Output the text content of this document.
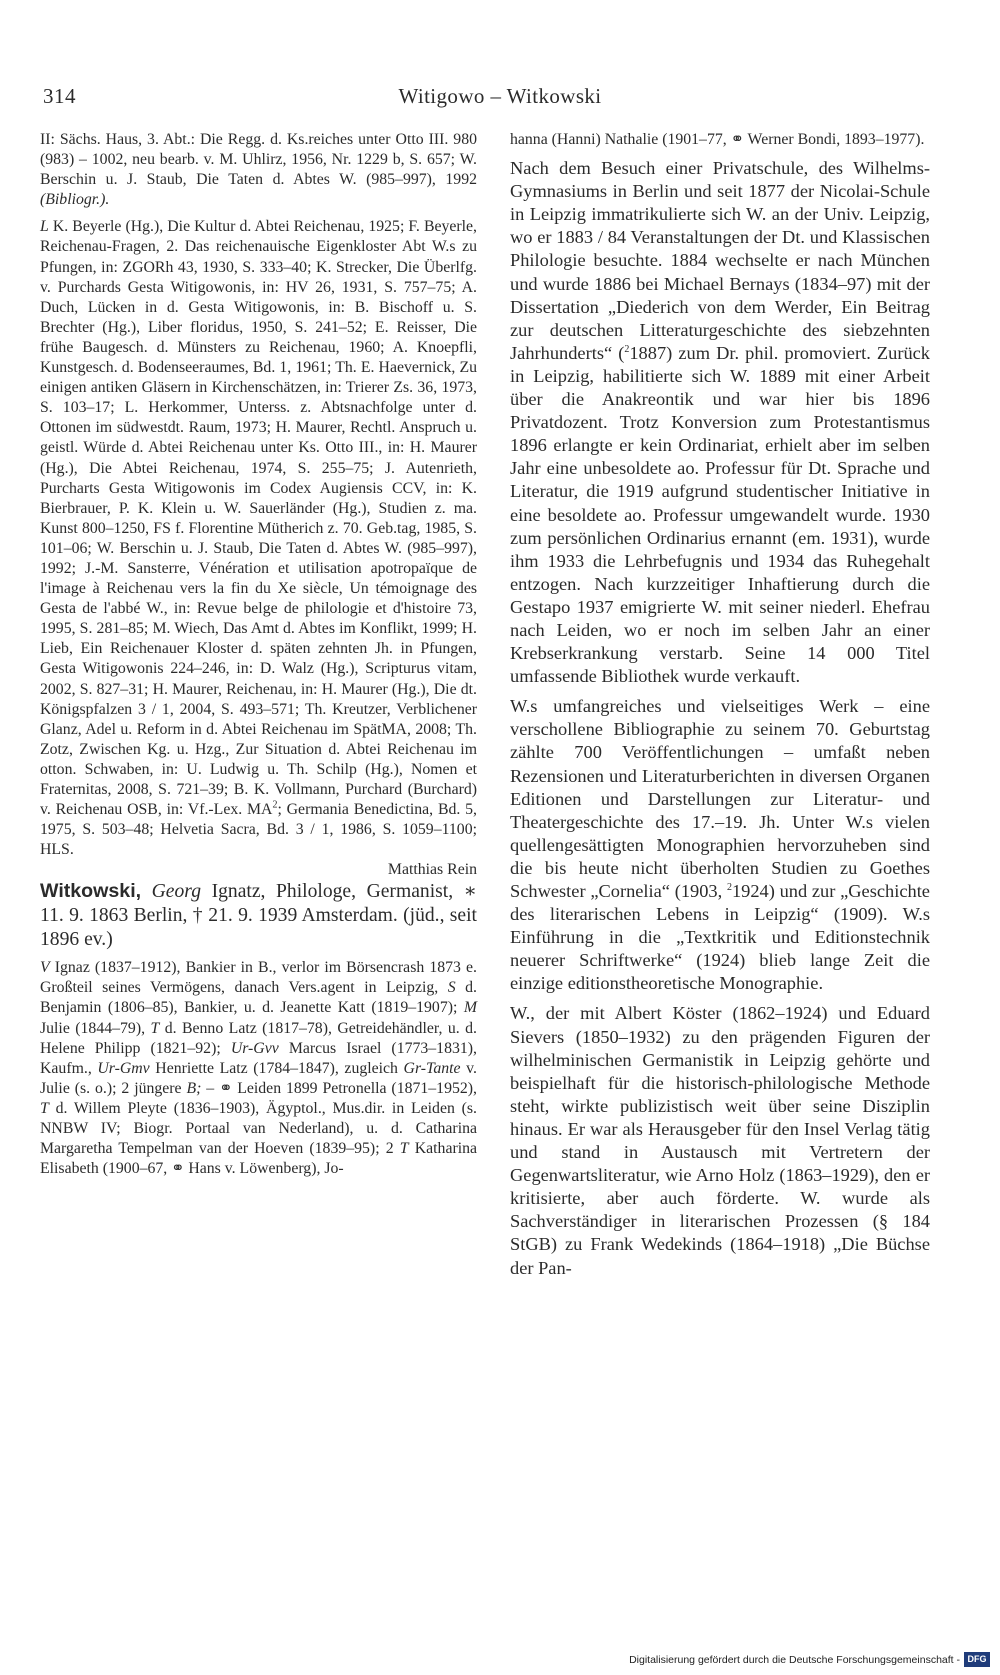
314	Witigowo – Witkowski

II: Sächs. Haus, 3. Abt.: Die Regg. d. Ks.reiches unter Otto III. 980 (983) – 1002, neu bearb. v. M. Uhlirz, 1956, Nr. 1229 b, S. 657; W. Berschin u. J. Staub, Die Taten d. Abtes W. (985–997), 1992 (Bibliogr.).

L K. Beyerle (Hg.), Die Kultur d. Abtei Reichenau, 1925; F. Beyerle, Reichenau-Fragen, 2. Das reichenauische Eigenkloster Abt W.s zu Pfungen, in: ZGORh 43, 1930, S. 333–40; K. Strecker, Die Überlfg. v. Purchards Gesta Witigowonis, in: HV 26, 1931, S. 757–75; A. Duch, Lücken in d. Gesta Witigowonis, in: B. Bischoff u. S. Brechter (Hg.), Liber floridus, 1950, S. 241–52; E. Reisser, Die frühe Baugesch. d. Münsters zu Reichenau, 1960; A. Knoepfli, Kunstgesch. d. Bodenseeraumes, Bd. 1, 1961; Th. E. Haevernick, Zu einigen antiken Gläsern in Kirchenschätzen, in: Trierer Zs. 36, 1973, S. 103–17; L. Herkommer, Unterss. z. Abtsnachfolge unter d. Ottonen im südwestdt. Raum, 1973; H. Maurer, Rechtl. Anspruch u. geistl. Würde d. Abtei Reichenau unter Ks. Otto III., in: H. Maurer (Hg.), Die Abtei Reichenau, 1974, S. 255–75; J. Autenrieth, Purcharts Gesta Witigowonis im Codex Augiensis CCV, in: K. Bierbrauer, P. K. Klein u. W. Sauerländer (Hg.), Studien z. ma. Kunst 800–1250, FS f. Florentine Mütherich z. 70. Geb.tag, 1985, S. 101–06; W. Berschin u. J. Staub, Die Taten d. Abtes W. (985–997), 1992; J.-M. Sansterre, Vénération et utilisation apotropaïque de l'image à Reichenau vers la fin du Xe siècle, Un témoignage des Gesta de l'abbé W., in: Revue belge de philologie et d'histoire 73, 1995, S. 281–85; M. Wiech, Das Amt d. Abtes im Konflikt, 1999; H. Lieb, Ein Reichenauer Kloster d. späten zehnten Jh. in Pfungen, Gesta Witigowonis 224–246, in: D. Walz (Hg.), Scripturus vitam, 2002, S. 827–31; H. Maurer, Reichenau, in: H. Maurer (Hg.), Die dt. Königspfalzen 3 / 1, 2004, S. 493–571; Th. Kreutzer, Verblichener Glanz, Adel u. Reform in d. Abtei Reichenau im SpätMA, 2008; Th. Zotz, Zwischen Kg. u. Hzg., Zur Situation d. Abtei Reichenau im otton. Schwaben, in: U. Ludwig u. Th. Schilp (Hg.), Nomen et Fraternitas, 2008, S. 721–39; B. K. Vollmann, Purchard (Burchard) v. Reichenau OSB, in: Vf.-Lex. $MA^2$; Germania Benedictina, Bd. 5, 1975, S. 503–48; Helvetia Sacra, Bd. 3 / 1, 1986, S. 1059–1100; HLS.

Matthias Rein

Witkowski, Georg Ignatz, Philologe, Germanist, ∗ 11. 9. 1863 Berlin, † 21. 9. 1939 Amsterdam. (jüd., seit 1896 ev.)

V Ignaz (1837–1912), Bankier in B., verlor im Börsencrash 1873 e. Großteil seines Vermögens, danach Vers.agent in Leipzig, S d. Benjamin (1806–85), Bankier, u. d. Jeanette Katt (1819–1907); M Julie (1844–79), T d. Benno Latz (1817–78), Getreidehändler, u. d. Helene Philipp (1821–92); Ur-Gvv Marcus Israel (1773–1831), Kaufm., Ur-Gmv Henriette Latz (1784–1847), zugleich Gr-Tante v. Julie (s. o.); 2 jüngere B; – ⚭ Leiden 1899 Petronella (1871–1952), T d. Willem Pleyte (1836–1903), Ägyptol., Mus.dir. in Leiden (s. NNBW IV; Biogr. Portaal van Nederland), u. d. Catharina Margaretha Tempelman van der Hoeven (1839–95); 2 T Katharina Elisabeth (1900–67, ⚭ Hans v. Löwenberg), Jo-

hanna (Hanni) Nathalie (1901–77, ⚭ Werner Bondi, 1893–1977).

Nach dem Besuch einer Privatschule, des Wilhelms-Gymnasiums in Berlin und seit 1877 der Nicolai-Schule in Leipzig immatrikulierte sich W. an der Univ. Leipzig, wo er 1883 / 84 Veranstaltungen der Dt. und Klassischen Philologie besuchte. 1884 wechselte er nach München und wurde 1886 bei Michael Bernays (1834–97) mit der Dissertation „Diederich von dem Werder, Ein Beitrag zur deutschen Litteraturgeschichte des siebzehnten Jahrhunderts“ ($^2$1887) zum Dr. phil. promoviert. Zurück in Leipzig, habilitierte sich W. 1889 mit einer Arbeit über die Anakreontik und war hier bis 1896 Privatdozent. Trotz Konversion zum Protestantismus 1896 erlangte er kein Ordinariat, erhielt aber im selben Jahr eine unbesoldete ao. Professur für Dt. Sprache und Literatur, die 1919 aufgrund studentischer Initiative in eine besoldete ao. Professur umgewandelt wurde. 1930 zum persönlichen Ordinarius ernannt (em. 1931), wurde ihm 1933 die Lehrbefugnis und 1934 das Ruhegehalt entzogen. Nach kurzzeitiger Inhaftierung durch die Gestapo 1937 emigrierte W. mit seiner niederl. Ehefrau nach Leiden, wo er noch im selben Jahr an einer Krebserkrankung verstarb. Seine 14 000 Titel umfassende Bibliothek wurde verkauft.

W.s umfangreiches und vielseitiges Werk – eine verschollene Bibliographie zu seinem 70. Geburtstag zählte 700 Veröffentlichungen – umfaßt neben Rezensionen und Literaturberichten in diversen Organen Editionen und Darstellungen zur Literatur- und Theatergeschichte des 17.–19. Jh. Unter W.s vielen quellengesättigten Monographien hervorzuheben sind die bis heute nicht überholten Studien zu Goethes Schwester „Cornelia“ (1903, $^2$1924) und zur „Geschichte des literarischen Lebens in Leipzig“ (1909). W.s Einführung in die „Textkritik und Editionstechnik neuerer Schriftwerke“ (1924) blieb lange Zeit die einzige editionstheoretische Monographie.

W., der mit Albert Köster (1862–1924) und Eduard Sievers (1850–1932) zu den prägenden Figuren der wilhelminischen Germanistik in Leipzig gehörte und beispielhaft für die historisch-philologische Methode steht, wirkte publizistisch weit über seine Disziplin hinaus. Er war als Herausgeber für den Insel Verlag tätig und stand in Austausch mit Vertretern der Gegenwartsliteratur, wie Arno Holz (1863–1929), den er kritisierte, aber auch förderte. W. wurde als Sachverständiger in literarischen Prozessen (§ 184 StGB) zu Frank Wedekinds (1864–1918) „Die Büchse der Pan-

Digitalisierung gefördert durch die Deutsche Forschungsgemeinschaft - DFG
